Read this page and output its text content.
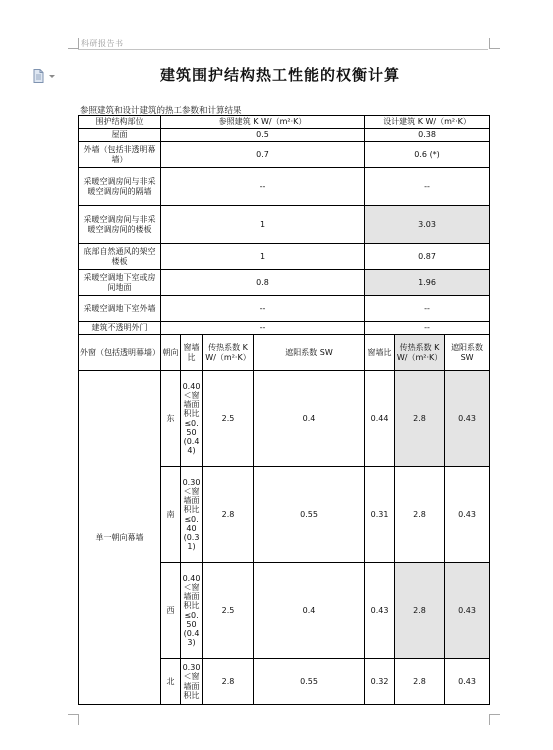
科研报告书
建筑围护结构热工性能的权衡计算
参照建筑和设计建筑的热工参数和计算结果
围护结构部位	参照建筑 K W/（m²·K）				设计建筑 K W/（m²·K）		
屋面	0.5				0.38		
外墙（包括非透明幕墙）	0.7				0.6 (*)		
采暖空调房间与非采暖空调房间的隔墙	--				--		
采暖空调房间与非采暖空调房间的楼板	1				3.03		
底部自然通风的架空楼板	1				0.87		
采暖空调地下室或房间地面	0.8				1.96		
采暖空调地下室外墙	--				--		
建筑不透明外门	--				--		
外窗（包括透明幕墙）	朝向	窗墙比	传热系数 K W/（m²·K）	遮阳系数 SW	窗墙比	传热系数 K W/（m²·K）	遮阳系数 SW
单一朝向幕墙	东	0.40＜窗墙面积比≤0.50 (0.44)	2.5	0.4	0.44	2.8	0.43
	南	0.30＜窗墙面积比≤0.40 (0.31)	2.8	0.55	0.31	2.8	0.43
	西	0.40＜窗墙面积比≤0.50 (0.43)	2.5	0.4	0.43	2.8	0.43
	北	0.30＜窗墙面积比	2.8	0.55	0.32	2.8	0.43
